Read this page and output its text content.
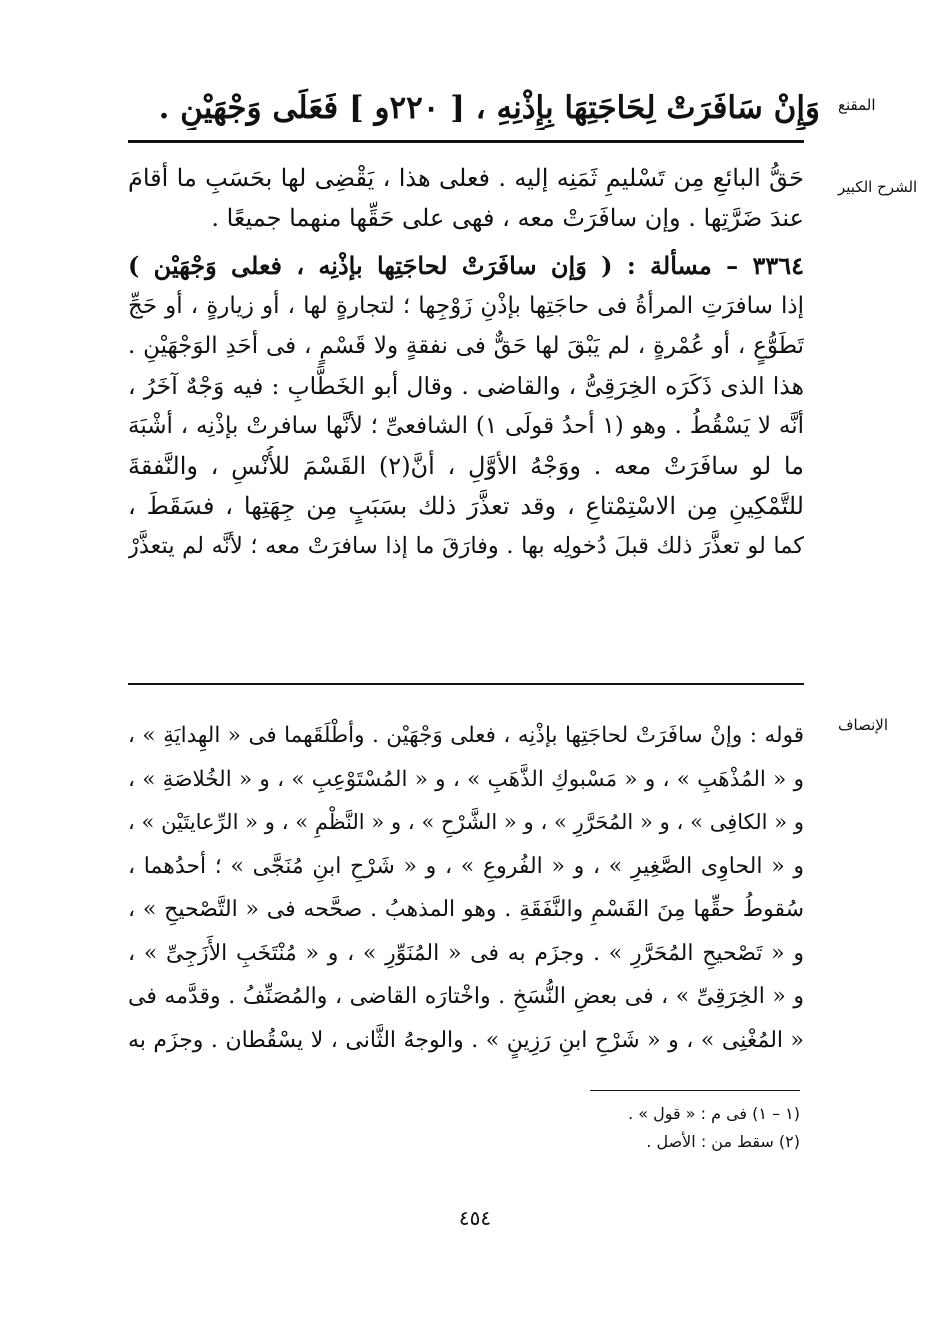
المقنع
وَإِنْ سَافَرَتْ لِحَاجَتِهَا بِإِذْنِهِ ، [ ٢٢٠و ] فَعَلَى وَجْهَيْنِ .
الشرح الكبير
حَقُّ البائعِ مِن تَسْليمِ ثَمَنِه إليه . فعلى هذا ، يَقْضِى لها بحَسَبِ ما أقامَ
عندَ ضَرَّتِها . وإن سافَرَتْ معه ، فهى على حَقِّها منهما جميعًا .
٣٣٦٤ – مسألة : ( وَإن سافَرَتْ لحاجَتِها بإذْنِه ، فعلى وَجْهَيْن )
إذا سافرَتِ المرأةُ فى حاجَتِها بإذْنِ زَوْجِها ؛ لتجارةٍ لها ، أو زيارةٍ ، أو حَجِّ
تَطَوُّعٍ ، أو عُمْرةٍ ، لم يَبْقَ لها حَقٌّ فى نفقةٍ ولا قَسْمٍ ، فى أحَدِ الوَجْهَيْنِ .
هذا الذى ذَكَرَه الخِرَقِىُّ ، والقاضى . وقال أبو الخَطَّابِ : فيه وَجْهٌ آخَرُ ،
أنَّه لا يَسْقُطُ . وهو (١ أحدُ قولَى ١) الشافعىِّ ؛ لأنَّها سافرتْ بإذْنِه ، أشْبَهَ
ما لو سافَرَتْ معه . ووَجْهُ الأوَّلِ ، أنَّ(٢) القَسْمَ للأُنْسِ ، والنَّفقةَ
للتَّمْكِينِ مِن الاسْتِمْتاعِ ، وقد تعذَّرَ ذلك بسَبَبٍ مِن جِهَتِها ، فسَقَطَ ،
كما لو تعذَّرَ ذلك قبلَ دُخولِه بها . وفارَقَ ما إذا سافرَتْ معه ؛ لأنَّه لم يتعذَّرْ
الإنصاف
قوله : وإنْ سافَرَتْ لحاجَتِها بإذْنِه ، فعلى وَجْهَيْن . وأطْلَقَهما فى « الهِدايَةِ » ،
و « المُذْهَبِ » ، و « مَسْبوكِ الذَّهَبِ » ، و « المُسْتَوْعِبِ » ، و « الخُلاصَةِ » ،
و « الكافِى » ، و « المُحَرَّرِ » ، و « الشَّرْحِ » ، و « النَّظْمِ » ، و « الرِّعايتَيْن » ،
و « الحاوِى الصَّغِيرِ » ، و « الفُروعِ » ، و « شَرْحِ ابنِ مُنَجَّى » ؛ أحدُهما ،
سُقوطُ حقِّها مِنَ القَسْمِ والنَّفَقَةِ . وهو المذهبُ . صحَّحه فى « التَّصْحيحِ » ،
و « تَصْحيحِ المُحَرَّرِ » . وجزَم به فى « المُنَوِّرِ » ، و « مُنْتَخَبِ الأَزَجِىِّ » ،
و « الخِرَقِىِّ » ، فى بعضِ النُّسَخِ . واخْتارَه القاضى ، والمُصَنِّفُ . وقدَّمه فى
« المُغْنِى » ، و « شَرْحِ ابنِ رَزِينٍ » . والوجهُ الثَّانى ، لا يسْقُطان . وجزَم به
(١ – ١) فى م : « قول » .
(٢) سقط من : الأصل .
٤٥٤
